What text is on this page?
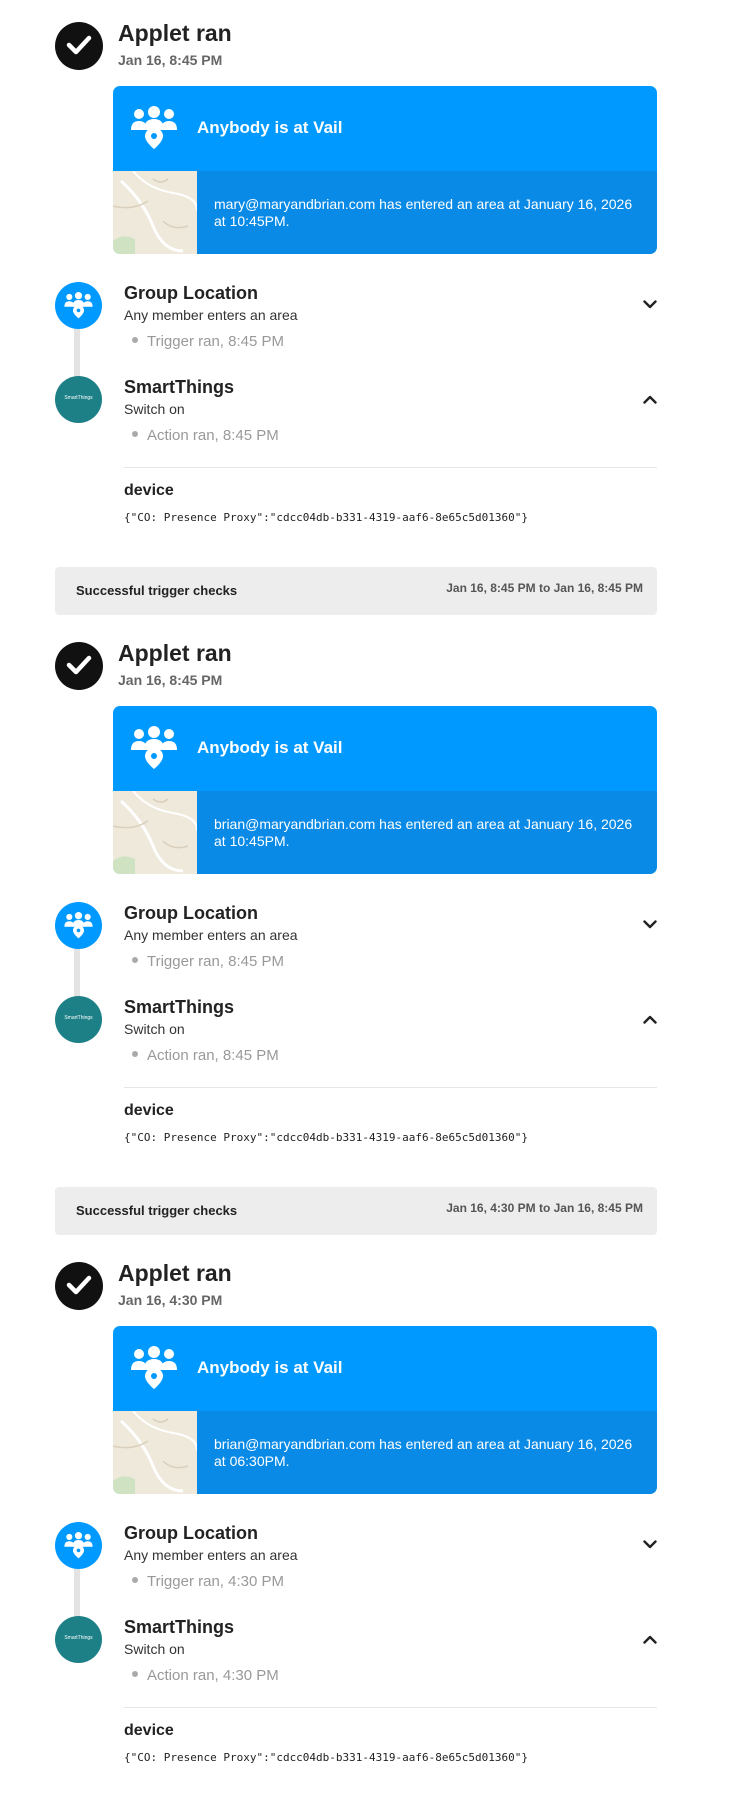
Applet ran
Jan 16, 8:45 PM
Anybody is at Vail
mary@maryandbrian.com has entered an area at January 16, 2026 at 10:45PM.
Group Location
Any member enters an area
Trigger ran, 8:45 PM
SmartThings
SmartThings
Switch on
Action ran, 8:45 PM
device
{"CO: Presence Proxy":"cdcc04db-b331-4319-aaf6-8e65c5d01360"}
Successful trigger checks	Jan 16, 8:45 PM to Jan 16, 8:45 PM
Applet ran
Jan 16, 8:45 PM
Anybody is at Vail
brian@maryandbrian.com has entered an area at January 16, 2026 at 10:45PM.
Group Location
Any member enters an area
Trigger ran, 8:45 PM
SmartThings
SmartThings
Switch on
Action ran, 8:45 PM
device
{"CO: Presence Proxy":"cdcc04db-b331-4319-aaf6-8e65c5d01360"}
Successful trigger checks	Jan 16, 4:30 PM to Jan 16, 8:45 PM
Applet ran
Jan 16, 4:30 PM
Anybody is at Vail
brian@maryandbrian.com has entered an area at January 16, 2026 at 06:30PM.
Group Location
Any member enters an area
Trigger ran, 4:30 PM
SmartThings
SmartThings
Switch on
Action ran, 4:30 PM
device
{"CO: Presence Proxy":"cdcc04db-b331-4319-aaf6-8e65c5d01360"}
